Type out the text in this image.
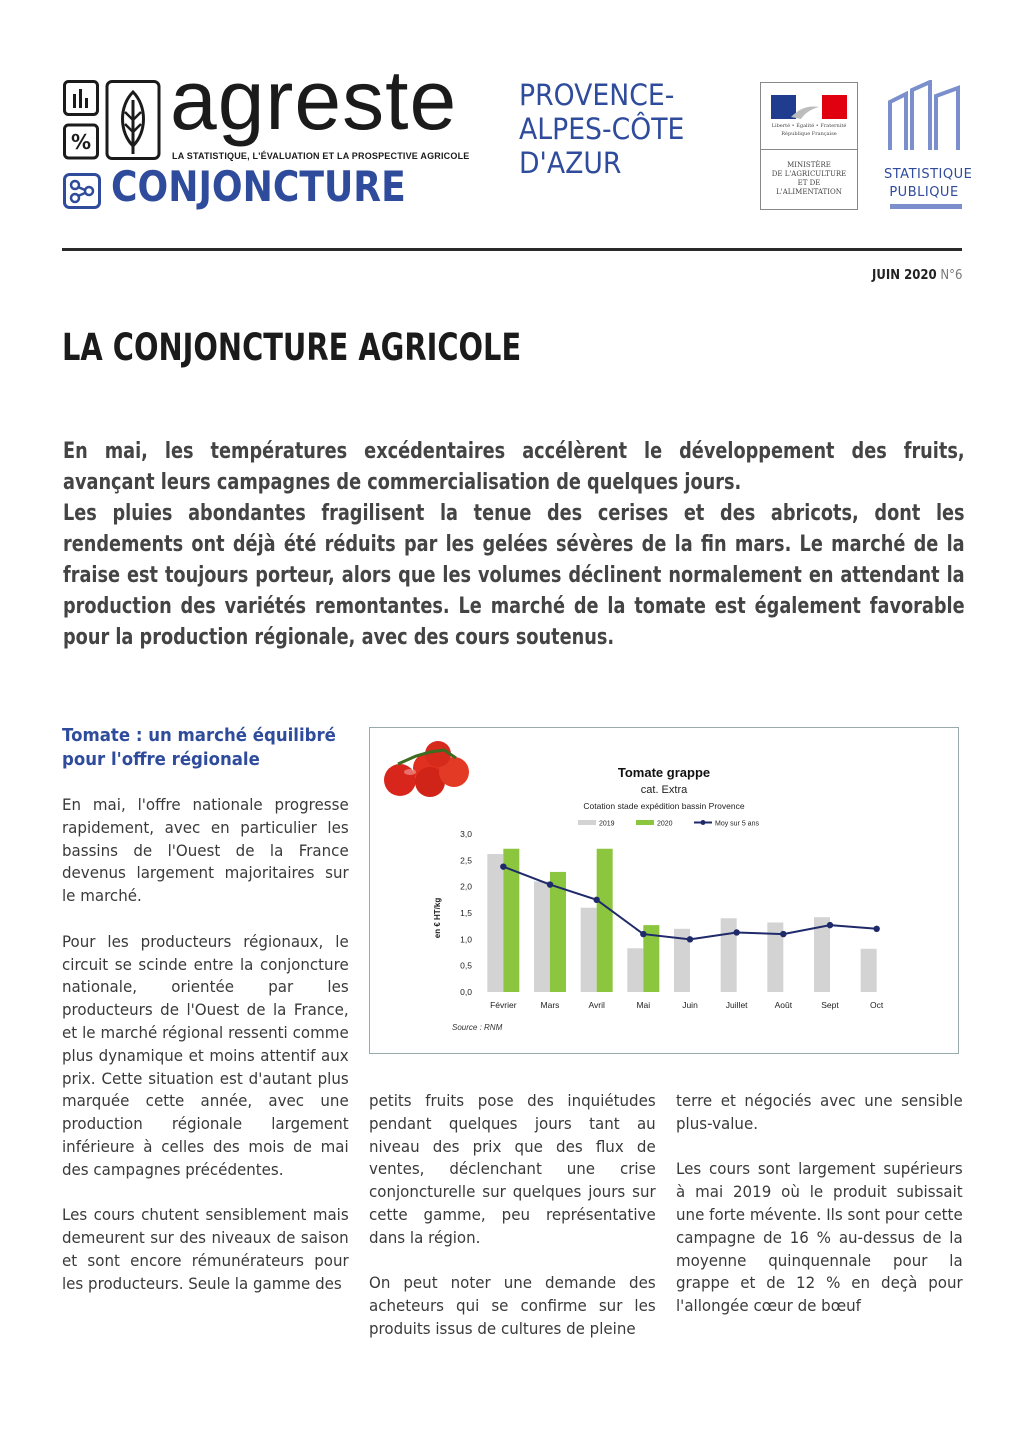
% agreste
LA STATISTIQUE, L'ÉVALUATION ET LA PROSPECTIVE AGRICOLE
CONJONCTURE
PROVENCE-
ALPES-CÔTE
D'AZUR
Liberté • Égalité • Fraternité
République Française
MINISTÈRE
DE L'AGRICULTURE
ET DE
L'ALIMENTATION
STATISTIQUE
PUBLIQUE
JUIN 2020 N°6
LA CONJONCTURE AGRICOLE

En mai, les températures excédentaires accélèrent le développement des fruits, avançant leurs campagnes de commercialisation de quelques jours.

Les pluies abondantes fragilisent la tenue des cerises et des abricots, dont les rendements ont déjà été réduits par les gelées sévères de la fin mars. Le marché de la fraise est toujours porteur, alors que les volumes déclinent normalement en attendant la production des variétés remontantes. Le marché de la tomate est également favorable pour la production régionale, avec des cours soutenus.

Tomate : un marché équilibré pour l'offre régionale

En mai, l'offre nationale progresse rapidement, avec en particulier les bassins de l'Ouest de la France devenus largement majoritaires sur le marché.

Pour les producteurs régionaux, le circuit se scinde entre la conjoncture nationale, orientée par les producteurs de l'Ouest de la France, et le marché régional ressenti comme plus dynamique et moins attentif aux prix. Cette situation est d'autant plus marquée cette année, avec une production régionale largement inférieure à celles des mois de mai des campagnes précédentes.

Les cours chutent sensiblement mais demeurent sur des niveaux de saison et sont encore rémunérateurs pour les producteurs. Seule la gamme des

petits fruits pose des inquiétudes pendant quelques jours tant au niveau des prix que des flux de ventes, déclenchant une crise conjoncturelle sur quelques jours sur cette gamme, peu représentative dans la région.

On peut noter une demande des acheteurs qui se confirme sur les produits issus de cultures de pleine

terre et négociés avec une sensible plus-value.

Les cours sont largement supérieurs à mai 2019 où le produit subissait une forte mévente. Ils sont pour cette campagne de 16 % au-dessus de la moyenne quinquennale pour la grappe et de 12 % en deçà pour l'allongée cœur de bœuf

Tomate grappe
cat. Extra
Cotation stade expédition bassin Provence
2019	2020	Moy sur 5 ans
en € HT/kg
0,0
0,5
1,0
1,5
2,0
2,5
3,0
Février	Mars	Avril	Mai	Juin	Juillet	Août	Sept	Oct
Source : RNM
